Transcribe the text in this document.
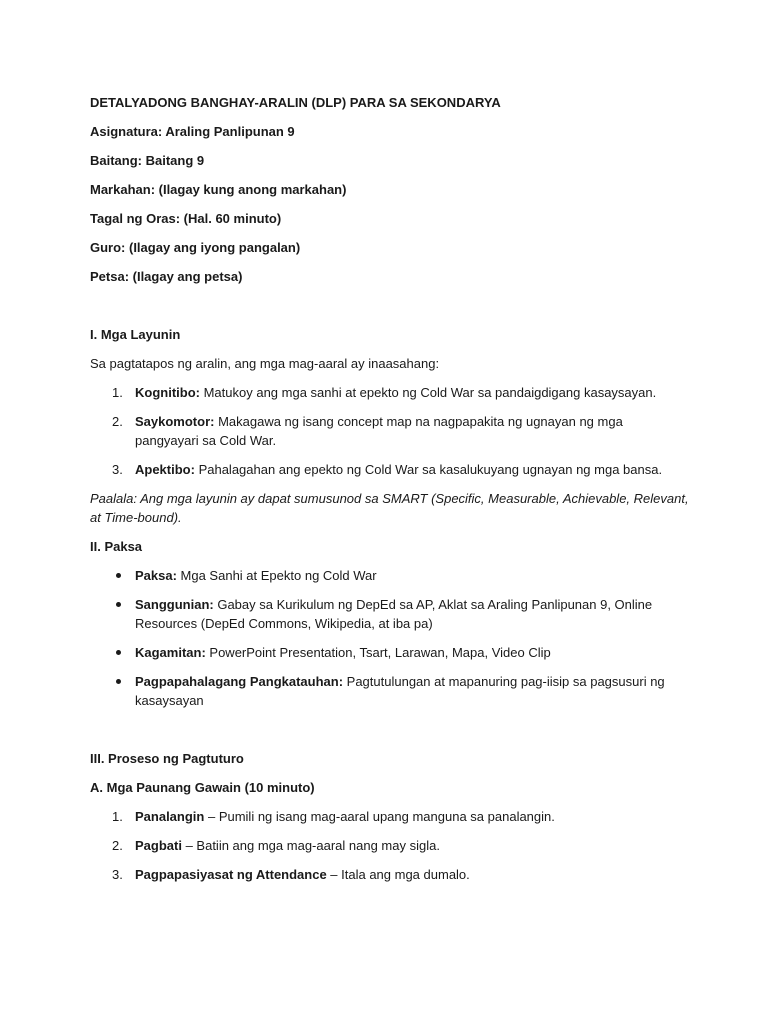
DETALYADONG BANGHAY-ARALIN (DLP) PARA SA SEKONDARYA
Asignatura: Araling Panlipunan 9
Baitang: Baitang 9
Markahan: (Ilagay kung anong markahan)
Tagal ng Oras: (Hal. 60 minuto)
Guro: (Ilagay ang iyong pangalan)
Petsa: (Ilagay ang petsa)
I. Mga Layunin
Sa pagtatapos ng aralin, ang mga mag-aaral ay inaasahang:
1. Kognitibo: Matukoy ang mga sanhi at epekto ng Cold War sa pandaigdigang kasaysayan.
2. Saykomotor: Makagawa ng isang concept map na nagpapakita ng ugnayan ng mga pangyayari sa Cold War.
3. Apektibo: Pahalagahan ang epekto ng Cold War sa kasalukuyang ugnayan ng mga bansa.
Paalala: Ang mga layunin ay dapat sumusunod sa SMART (Specific, Measurable, Achievable, Relevant, at Time-bound).
II. Paksa
Paksa: Mga Sanhi at Epekto ng Cold War
Sanggunian: Gabay sa Kurikulum ng DepEd sa AP, Aklat sa Araling Panlipunan 9, Online Resources (DepEd Commons, Wikipedia, at iba pa)
Kagamitan: PowerPoint Presentation, Tsart, Larawan, Mapa, Video Clip
Pagpapahalagang Pangkatauhan: Pagtutulungan at mapanuring pag-iisip sa pagsusuri ng kasaysayan
III. Proseso ng Pagtuturo
A. Mga Paunang Gawain (10 minuto)
1. Panalangin – Pumili ng isang mag-aaral upang manguna sa panalangin.
2. Pagbati – Batiin ang mga mag-aaral nang may sigla.
3. Pagpapasiyasat ng Attendance – Itala ang mga dumalo.
